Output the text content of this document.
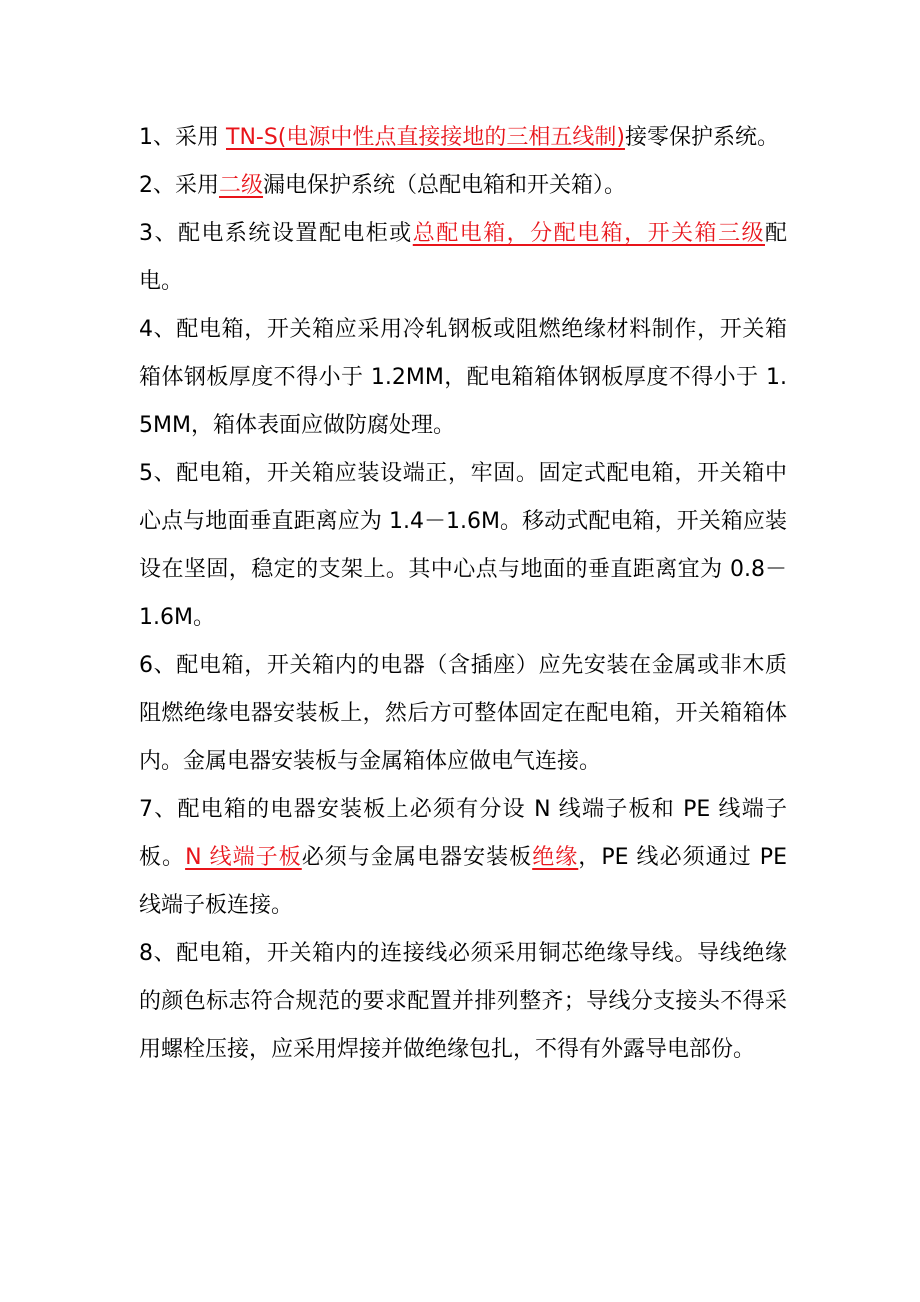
1、采用 TN-S(电源中性点直接接地的三相五线制)接零保护系统。

2、采用二级漏电保护系统（总配电箱和开关箱）。

3、配电系统设置配电柜或总配电箱，分配电箱，开关箱三级配电。

4、配电箱，开关箱应采用冷轧钢板或阻燃绝缘材料制作，开关箱箱体钢板厚度不得小于 1.2MM，配电箱箱体钢板厚度不得小于 1.5MM，箱体表面应做防腐处理。

5、配电箱，开关箱应装设端正，牢固。固定式配电箱，开关箱中心点与地面垂直距离应为 1.4－1.6M。移动式配电箱，开关箱应装设在坚固，稳定的支架上。其中心点与地面的垂直距离宜为 0.8－1.6M。

6、配电箱，开关箱内的电器（含插座）应先安装在金属或非木质阻燃绝缘电器安装板上，然后方可整体固定在配电箱，开关箱箱体内。金属电器安装板与金属箱体应做电气连接。

7、配电箱的电器安装板上必须有分设 N 线端子板和 PE 线端子板。N 线端子板必须与金属电器安装板绝缘，PE 线必须通过 PE 线端子板连接。

8、配电箱，开关箱内的连接线必须采用铜芯绝缘导线。导线绝缘的颜色标志符合规范的要求配置并排列整齐；导线分支接头不得采用螺栓压接，应采用焊接并做绝缘包扎，不得有外露导电部份。
